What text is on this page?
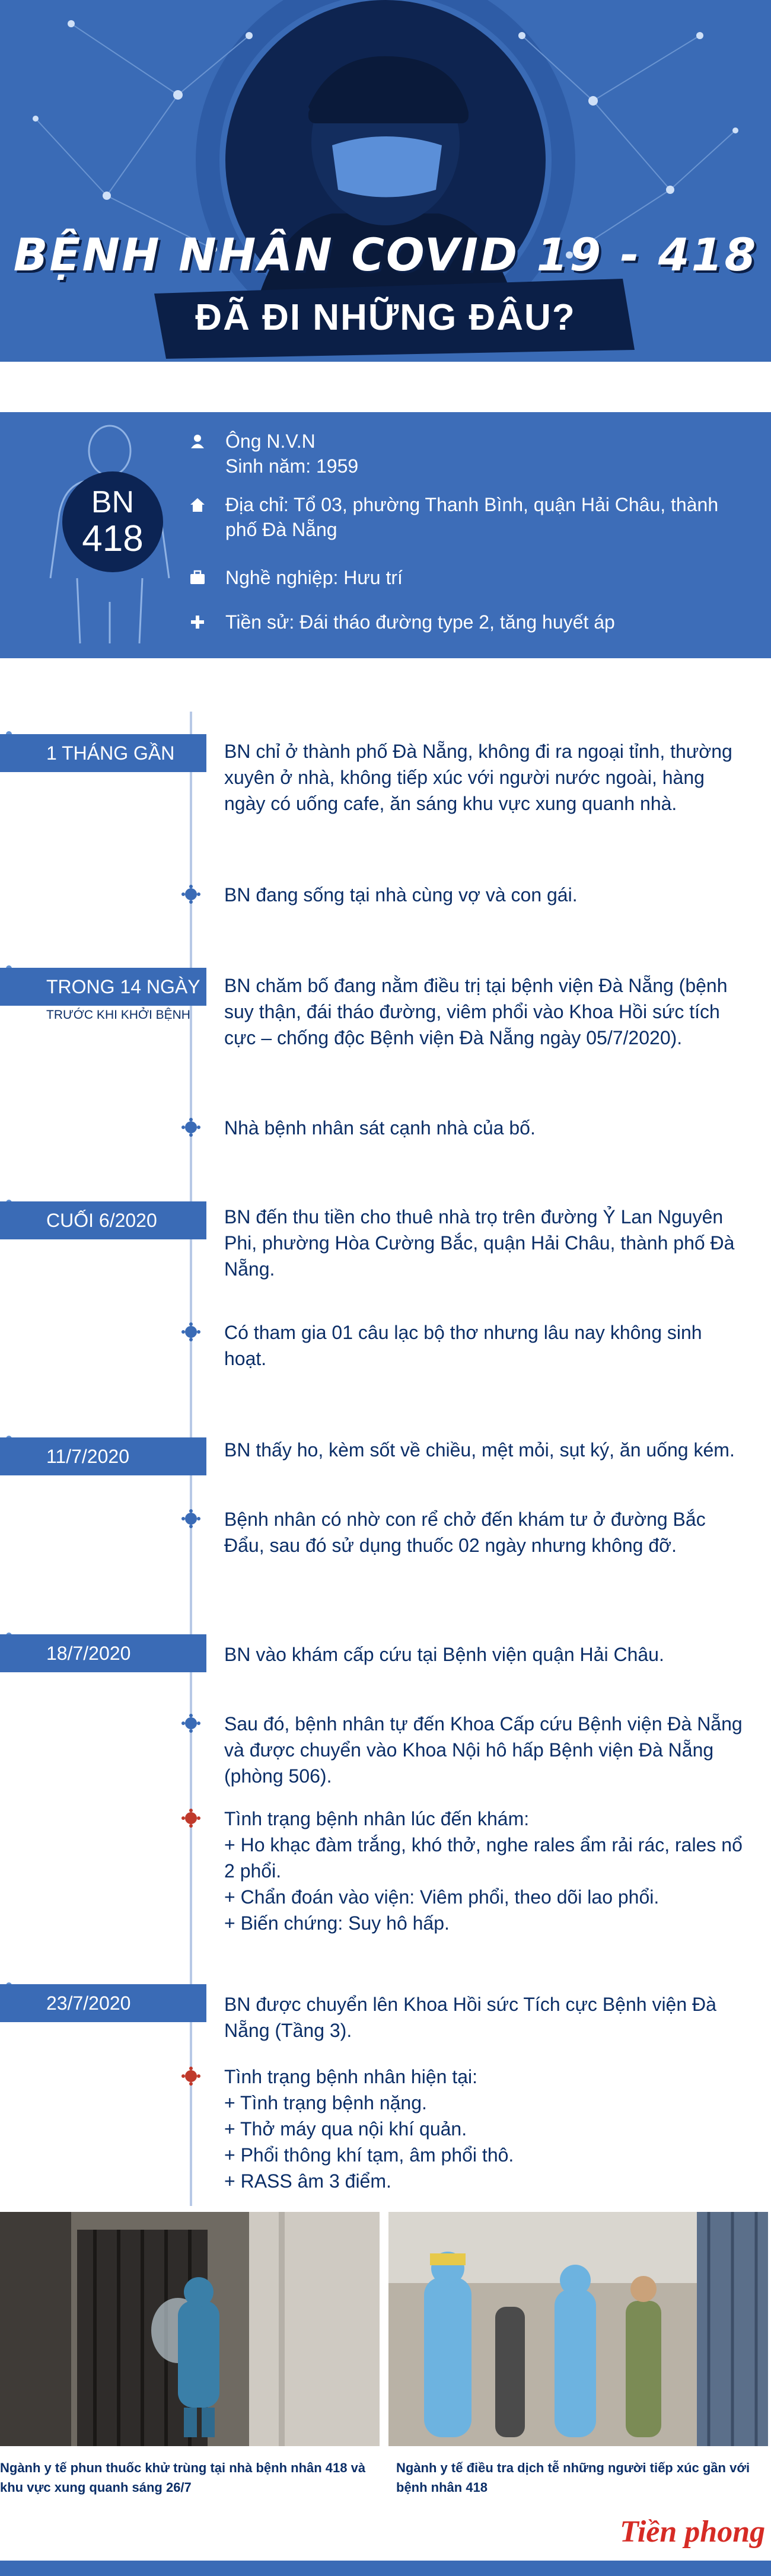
BỆNH NHÂN COVID 19 - 418
ĐÃ ĐI NHỮNG ĐÂU?
BN
418
Ông N.V.N
Sinh năm: 1959
Địa chỉ: Tổ 03, phường Thanh Bình, quận Hải Châu, thành phố Đà Nẵng
Nghề nghiệp: Hưu trí
Tiền sử: Đái tháo đường type 2, tăng huyết áp
1 THÁNG GẦN ĐÂY
BN chỉ ở thành phố Đà Nẵng, không đi ra ngoại tỉnh, thường xuyên ở nhà, không tiếp xúc với người nước ngoài, hàng ngày có uống cafe, ăn sáng khu vực xung quanh nhà.
BN đang sống tại nhà cùng vợ và con gái.
TRONG 14 NGÀY
TRƯỚC KHI KHỞI BỆNH
BN chăm bố đang nằm điều trị tại bệnh viện Đà Nẵng (bệnh suy thận, đái tháo đường, viêm phổi vào Khoa Hồi sức tích cực – chống độc Bệnh viện Đà Nẵng ngày 05/7/2020).
Nhà bệnh nhân sát cạnh nhà của bố.
CUỐI 6/2020	BN đến thu tiền cho thuê nhà trọ trên đường Ỷ Lan Nguyên Phi, phường Hòa Cường Bắc, quận Hải Châu, thành phố Đà Nẵng.
Có tham gia 01 câu lạc bộ thơ nhưng lâu nay không sinh hoạt.
11/7/2020	BN thấy ho, kèm sốt về chiều, mệt mỏi, sụt ký, ăn uống kém.
Bệnh nhân có nhờ con rể chở đến khám tư ở đường Bắc Đẩu, sau đó sử dụng thuốc 02 ngày nhưng không đỡ.
18/7/2020	BN vào khám cấp cứu tại Bệnh viện quận Hải Châu.
Sau đó, bệnh nhân tự đến Khoa Cấp cứu Bệnh viện Đà Nẵng và được chuyển vào Khoa Nội hô hấp Bệnh viện Đà Nẵng (phòng 506).
Tình trạng bệnh nhân lúc đến khám:
+ Ho khạc đàm trắng, khó thở, nghe rales ẩm rải rác, rales nổ 2 phổi.
+ Chẩn đoán vào viện: Viêm phổi, theo dõi lao phổi.
+ Biến chứng: Suy hô hấp.
23/7/2020	BN được chuyển lên Khoa Hồi sức Tích cực Bệnh viện Đà Nẵng (Tầng 3).
Tình trạng bệnh nhân hiện tại:
+ Tình trạng bệnh nặng.
+ Thở máy qua nội khí quản.
+ Phổi thông khí tạm, âm phổi thô.
+ RASS âm 3 điểm.
Ngành y tế phun thuốc khử trùng tại nhà bệnh nhân 418 và khu vực xung quanh sáng 26/7
Ngành y tế điều tra dịch tễ những người tiếp xúc gần với bệnh nhân 418
Tiền phong
